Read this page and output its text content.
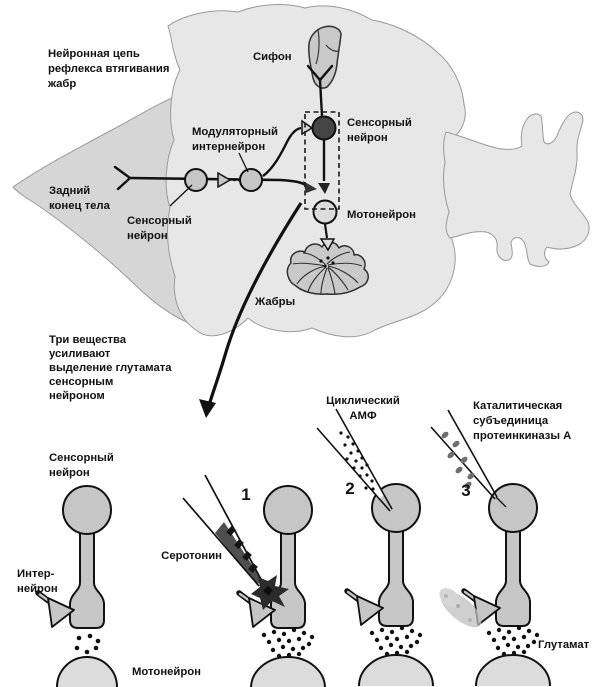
Нейронная цепь
рефлекса втягивания
жабр
Сифон
Модуляторный
интернейрон
Задний
конец тела
Сенсорный
нейрон
Сенсорный
нейрон
Мотонейрон
Жабры
Три вещества
усиливают
выделение глутамата
сенсорным
нейроном
Сенсорный
нейрон
Интер-
нейрон
Мотонейрон
Серотонин
Циклический
АМФ
Каталитическая
субъединица
протеинкиназы А
Глутамат
1	2	3
